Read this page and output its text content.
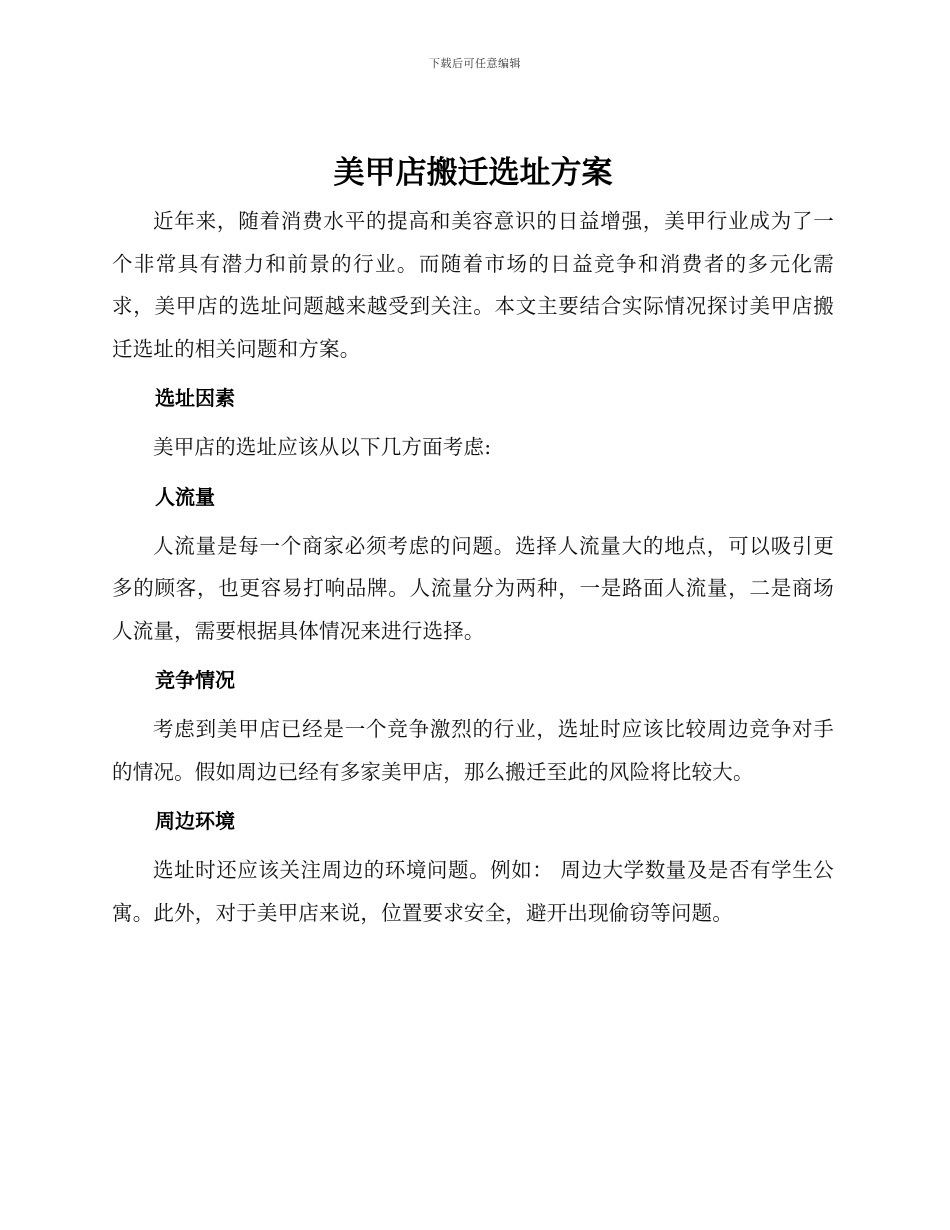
下载后可任意编辑
美甲店搬迁选址方案

近年来，随着消费水平的提高和美容意识的日益增强，美甲行业成为了一个非常具有潜力和前景的行业。而随着市场的日益竞争和消费者的多元化需求，美甲店的选址问题越来越受到关注。本文主要结合实际情况探讨美甲店搬迁选址的相关问题和方案。

选址因素

美甲店的选址应该从以下几方面考虑:

人流量

人流量是每一个商家必须考虑的问题。选择人流量大的地点，可以吸引更多的顾客，也更容易打响品牌。人流量分为两种，一是路面人流量，二是商场人流量，需要根据具体情况来进行选择。

竞争情况

考虑到美甲店已经是一个竞争激烈的行业，选址时应该比较周边竞争对手的情况。假如周边已经有多家美甲店，那么搬迁至此的风险将比较大。

周边环境

选址时还应该关注周边的环境问题。例如： 周边大学数量及是否有学生公寓。此外，对于美甲店来说，位置要求安全，避开出现偷窃等问题。
